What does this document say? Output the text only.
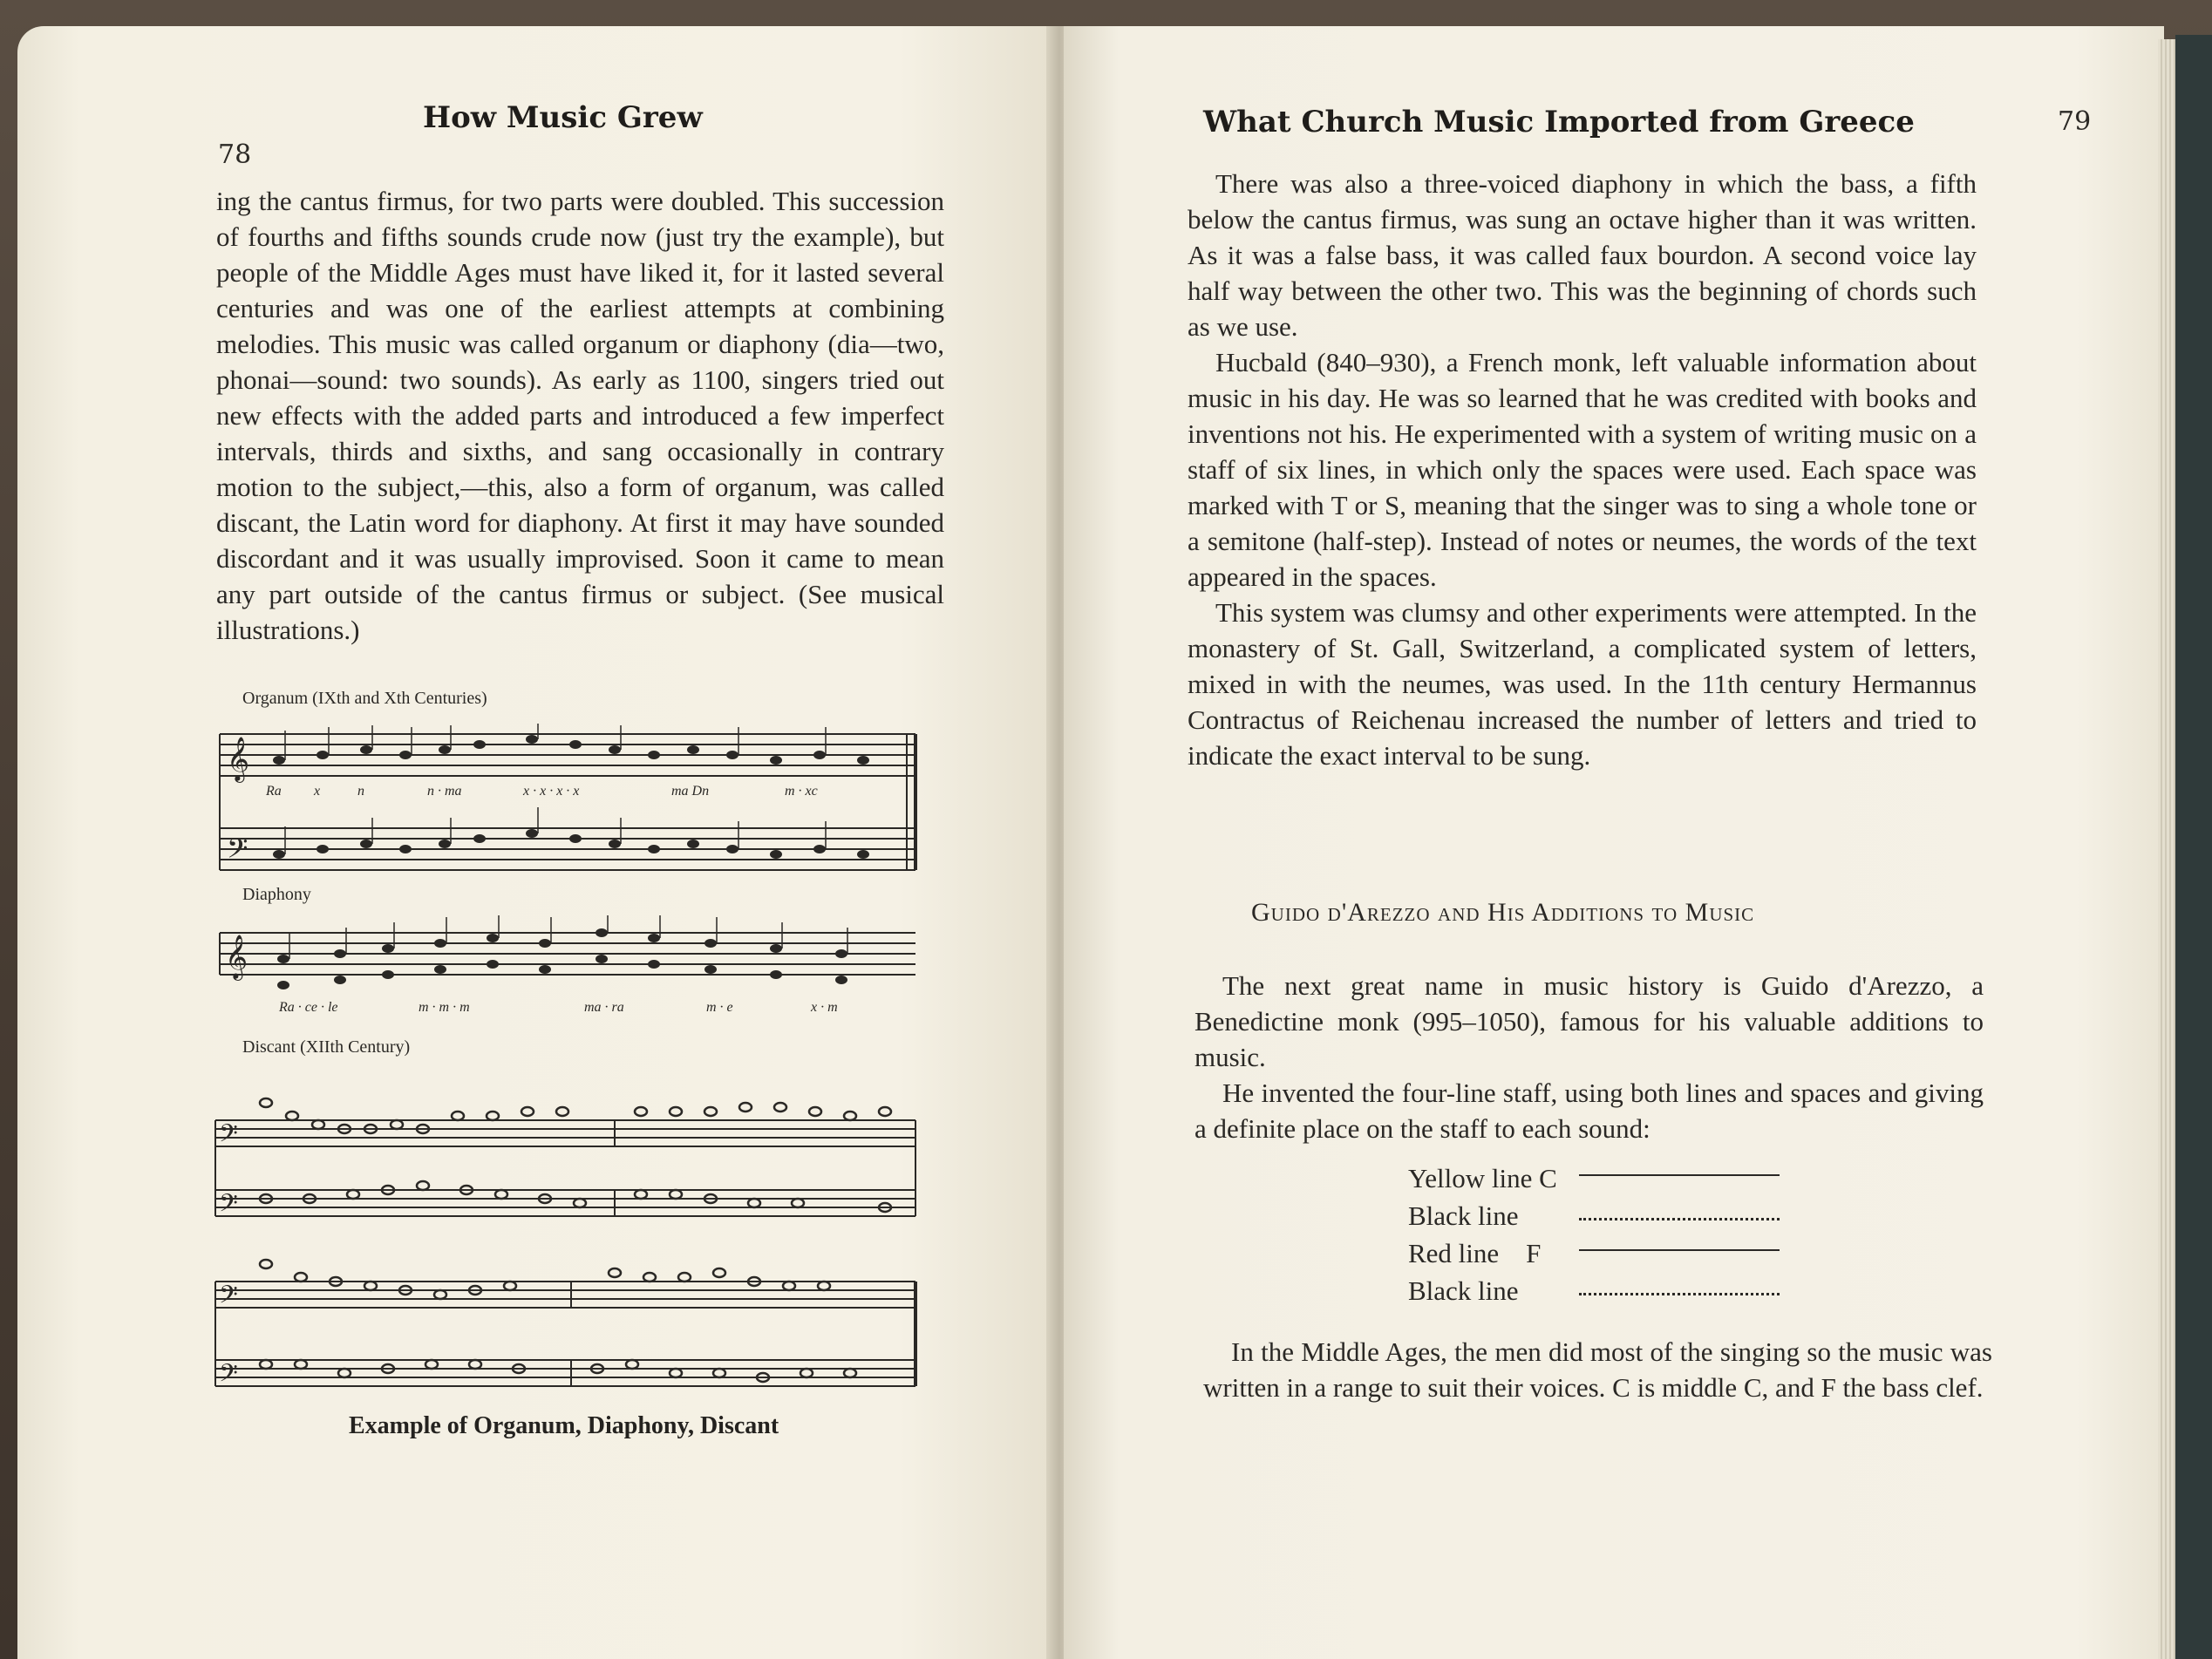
78
How Music Grew

ing the cantus firmus, for two parts were doubled. This succession of fourths and fifths sounds crude now (just try the example), but people of the Middle Ages must have liked it, for it lasted several centuries and was one of the earliest attempts at combining melodies. This music was called organum or diaphony (dia—two, phonai—sound: two sounds). As early as 1100, singers tried out new effects with the added parts and introduced a few imperfect intervals, thirds and sixths, and sang occasionally in contrary motion to the subject,—this, also a form of organum, was called discant, the Latin word for diaphony. At first it may have sounded discordant and it was usually improvised. Soon it came to mean any part outside of the cantus firmus or subject. (See musical illustrations.)

Organum (IXth and Xth Centuries)
𝄞
𝄢
Ra x	n	n · ma	x · x · x · x	ma Dn	m · xc
Diaphony
𝄞
Ra · ce · le	m · m · m	ma · ra	m · e	x · m
Discant (XIIth Century)
𝄢
𝄢
𝄢
𝄢
Example of Organum, Diaphony, Discant
What Church Music Imported from Greece	79

There was also a three-voiced diaphony in which the bass, a fifth below the cantus firmus, was sung an octave higher than it was written. As it was a false bass, it was called faux bourdon. A second voice lay half way between the other two. This was the beginning of chords such as we use.

Hucbald (840–930), a French monk, left valuable information about music in his day. He was so learned that he was credited with books and inventions not his. He experimented with a system of writing music on a staff of six lines, in which only the spaces were used. Each space was marked with T or S, meaning that the singer was to sing a whole tone or a semitone (half-step). Instead of notes or neumes, the words of the text appeared in the spaces.

This system was clumsy and other experiments were attempted. In the monastery of St. Gall, Switzerland, a complicated system of letters, mixed in with the neumes, was used. In the 11th century Hermannus Contractus of Reichenau increased the number of letters and tried to indicate the exact interval to be sung.

Guido d'Arezzo and His Additions to Music

The next great name in music history is Guido d'Arezzo, a Benedictine monk (995–1050), famous for his valuable additions to music.

He invented the four-line staff, using both lines and spaces and giving a definite place on the staff to each sound:

Yellow line C
Black line
Red line    F
Black line

In the Middle Ages, the men did most of the singing so the music was written in a range to suit their voices. C is middle C, and F the bass clef.
